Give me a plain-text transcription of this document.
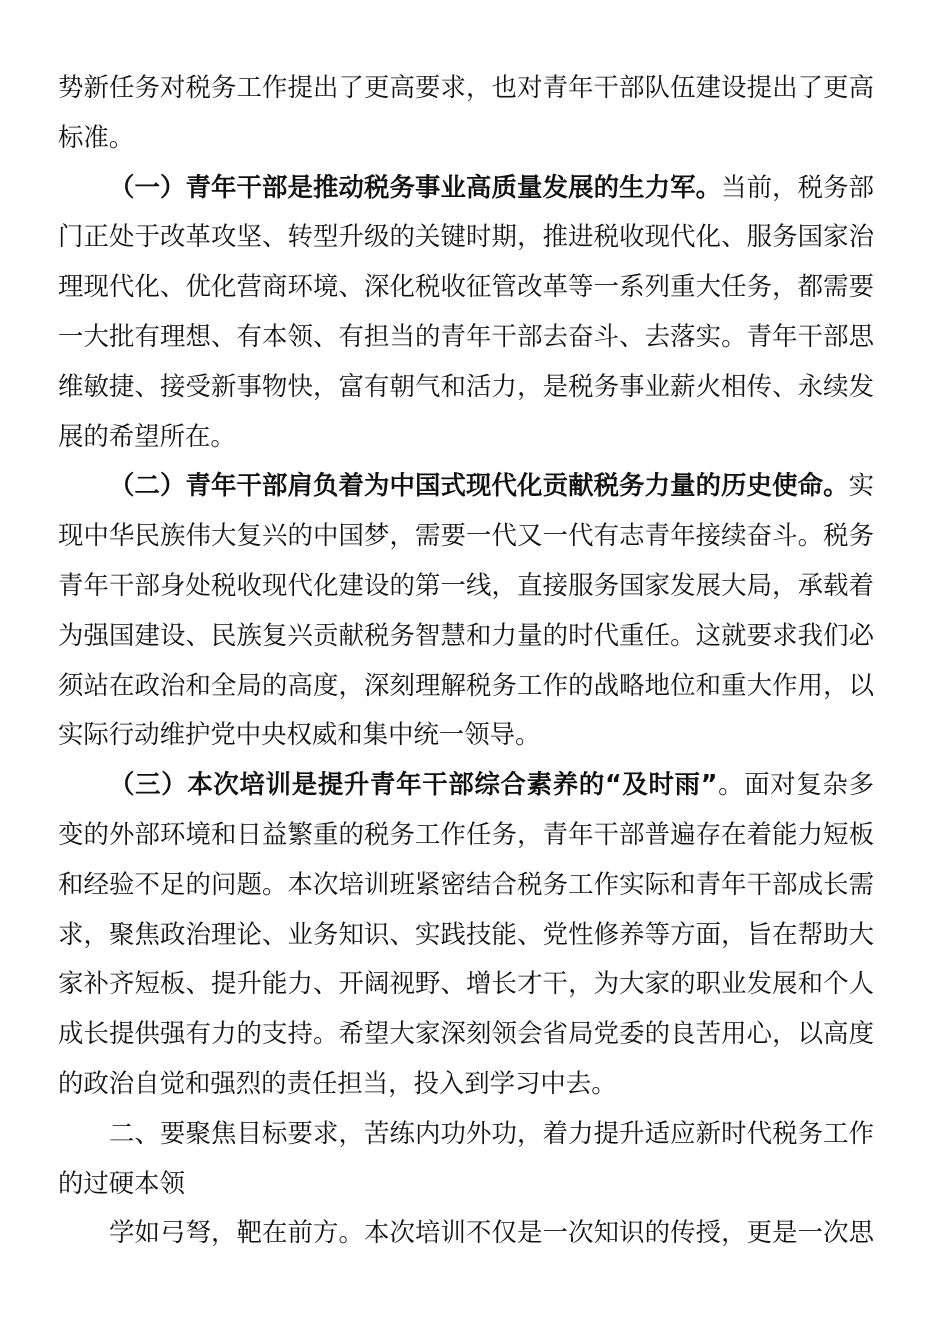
势新任务对税务工作提出了更高要求，也对青年干部队伍建设提出了更高
标准。
（一）青年干部是推动税务事业高质量发展的生力军。当前，税务部
门正处于改革攻坚、转型升级的关键时期，推进税收现代化、服务国家治
理现代化、优化营商环境、深化税收征管改革等一系列重大任务，都需要
一大批有理想、有本领、有担当的青年干部去奋斗、去落实。青年干部思
维敏捷、接受新事物快，富有朝气和活力，是税务事业薪火相传、永续发
展的希望所在。
（二）青年干部肩负着为中国式现代化贡献税务力量的历史使命。实
现中华民族伟大复兴的中国梦，需要一代又一代有志青年接续奋斗。税务
青年干部身处税收现代化建设的第一线，直接服务国家发展大局，承载着
为强国建设、民族复兴贡献税务智慧和力量的时代重任。这就要求我们必
须站在政治和全局的高度，深刻理解税务工作的战略地位和重大作用，以
实际行动维护党中央权威和集中统一领导。
（三）本次培训是提升青年干部综合素养的“及时雨”。面对复杂多
变的外部环境和日益繁重的税务工作任务，青年干部普遍存在着能力短板
和经验不足的问题。本次培训班紧密结合税务工作实际和青年干部成长需
求，聚焦政治理论、业务知识、实践技能、党性修养等方面，旨在帮助大
家补齐短板、提升能力、开阔视野、增长才干，为大家的职业发展和个人
成长提供强有力的支持。希望大家深刻领会省局党委的良苦用心，以高度
的政治自觉和强烈的责任担当，投入到学习中去。
二、要聚焦目标要求，苦练内功外功，着力提升适应新时代税务工作
的过硬本领
学如弓弩，靶在前方。本次培训不仅是一次知识的传授，更是一次思
